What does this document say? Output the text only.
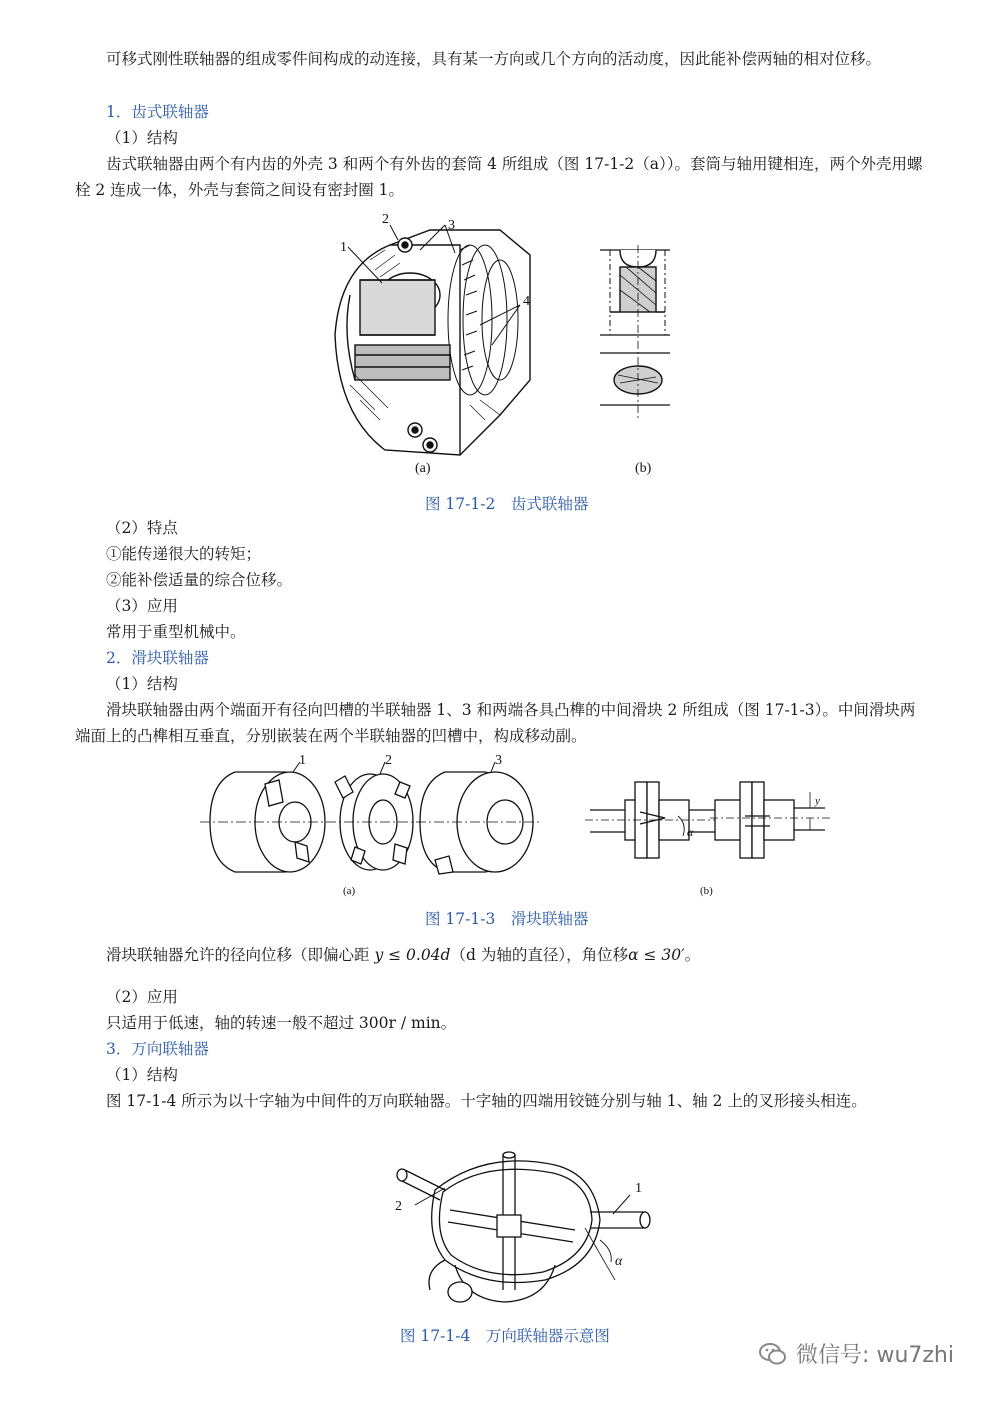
可移式刚性联轴器的组成零件间构成的动连接，具有某一方向或几个方向的活动度，因此能补偿两轴的相对位移。

1．齿式联轴器

（1）结构

齿式联轴器由两个有内齿的外壳 3 和两个有外齿的套筒 4 所组成（图 17-1-2（a））。套筒与轴用键相连，两个外壳用螺栓 2 连成一体，外壳与套筒之间设有密封圈 1。

1
2	3
4
(a)	(b)
图 17-1-2　齿式联轴器

（2）特点

①能传递很大的转矩；

②能补偿适量的综合位移。

（3）应用

常用于重型机械中。

2．滑块联轴器

（1）结构

滑块联轴器由两个端面开有径向凹槽的半联轴器 1、3 和两端各具凸榫的中间滑块 2 所组成（图 17-1-3）。中间滑块两端面上的凸榫相互垂直，分别嵌装在两个半联轴器的凹槽中，构成移动副。

1	2	3
(a)	(b)
α
y
图 17-1-3　滑块联轴器

滑块联轴器允许的径向位移（即偏心距 y ≤ 0.04d（d 为轴的直径），角位移α ≤ 30′。

（2）应用

只适用于低速，轴的转速一般不超过 300r / min。

3．万向联轴器

（1）结构

图 17-1-4 所示为以十字轴为中间件的万向联轴器。十字轴的四端用铰链分别与轴 1、轴 2 上的叉形接头相连。

1
2
α
图 17-1-4　万向联轴器示意图
微信号: wu7zhi
